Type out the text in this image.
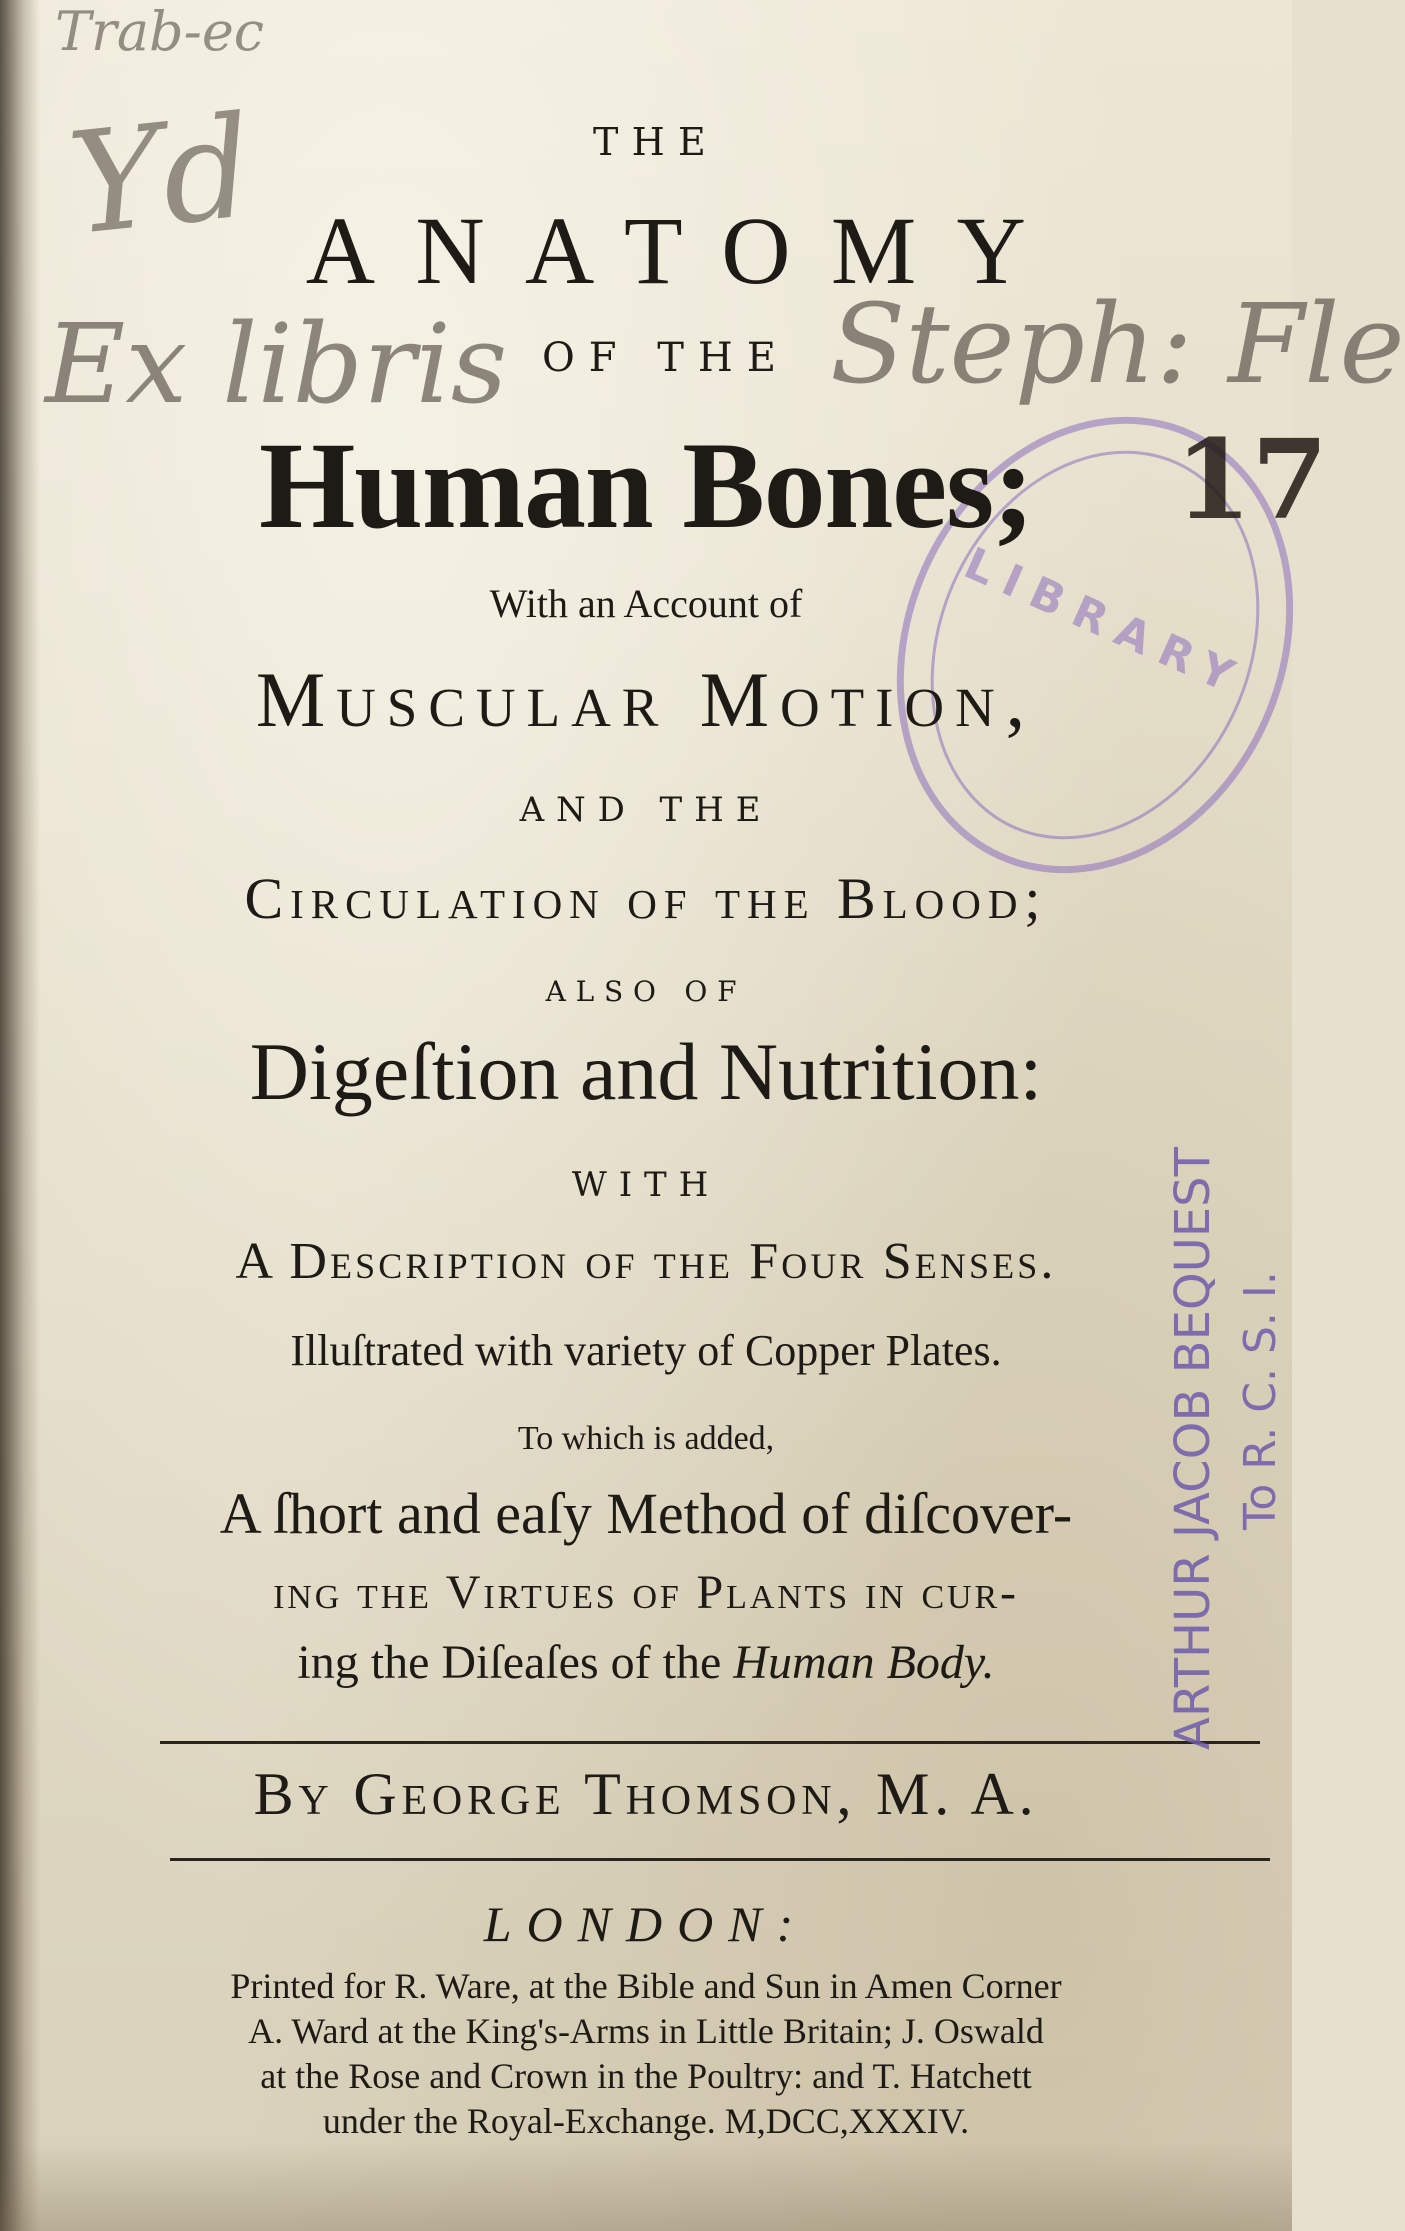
Trab-ec
Yd
Ex libris	Steph: Fle
LIBRARY
THE
ANATOMY
OF THE
Human Bones;	17
With an Account of
Muscular Motion,
AND THE
Circulation of the Blood;
ALSO OF
Digeſtion and Nutrition:
WITH
A Description of the Four Senses.
Illuſtrated with variety of Copper Plates.
To which is added,
A ſhort and eaſy Method of diſcover-
ing the Virtues of Plants in cur-
ing the Diſeaſes of the Human Body.
By George Thomson, M. A.
LONDON:
Printed for R. Ware, at the Bible and Sun in Amen Corner
A. Ward at the King's-Arms in Little Britain; J. Oswald
at the Rose and Crown in the Poultry: and T. Hatchett
under the Royal-Exchange. M,DCC,XXXIV.
ARTHUR JACOB BEQUEST To R. C. S. I.
